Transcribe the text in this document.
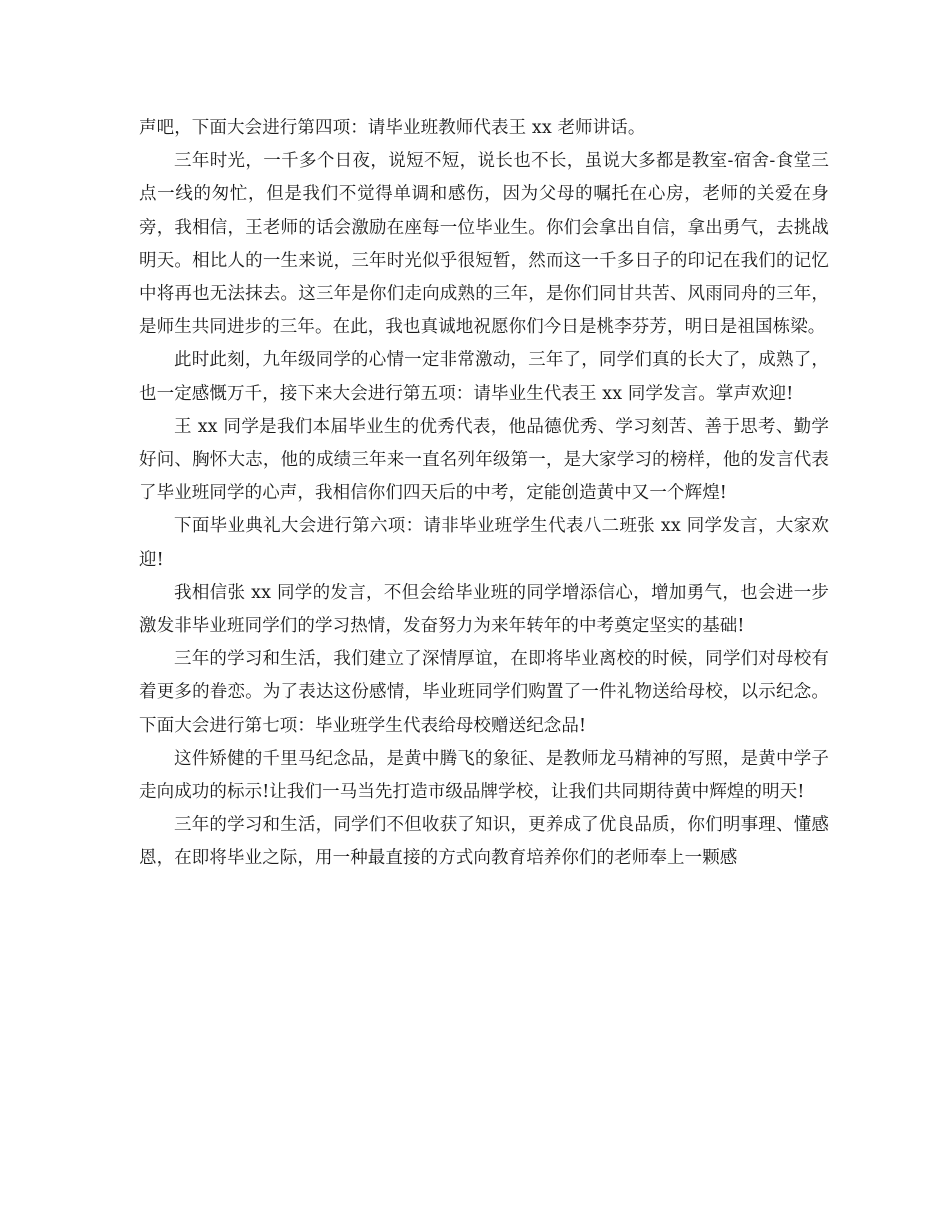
声吧，下面大会进行第四项：请毕业班教师代表王 xx 老师讲话。

三年时光，一千多个日夜，说短不短，说长也不长，虽说大多都是教室-宿舍-食堂三点一线的匆忙，但是我们不觉得单调和感伤，因为父母的嘱托在心房，老师的关爱在身旁，我相信，王老师的话会激励在座每一位毕业生。你们会拿出自信，拿出勇气，去挑战明天。相比人的一生来说，三年时光似乎很短暂，然而这一千多日子的印记在我们的记忆中将再也无法抹去。这三年是你们走向成熟的三年，是你们同甘共苦、风雨同舟的三年，是师生共同进步的三年。在此，我也真诚地祝愿你们今日是桃李芬芳，明日是祖国栋梁。

此时此刻，九年级同学的心情一定非常激动，三年了，同学们真的长大了，成熟了，也一定感慨万千，接下来大会进行第五项：请毕业生代表王 xx 同学发言。掌声欢迎!

王 xx 同学是我们本届毕业生的优秀代表，他品德优秀、学习刻苦、善于思考、勤学好问、胸怀大志，他的成绩三年来一直名列年级第一，是大家学习的榜样，他的发言代表了毕业班同学的心声，我相信你们四天后的中考，定能创造黄中又一个辉煌!

下面毕业典礼大会进行第六项：请非毕业班学生代表八二班张 xx 同学发言，大家欢迎!

我相信张 xx 同学的发言，不但会给毕业班的同学增添信心，增加勇气，也会进一步激发非毕业班同学们的学习热情，发奋努力为来年转年的中考奠定坚实的基础!

三年的学习和生活，我们建立了深情厚谊，在即将毕业离校的时候，同学们对母校有着更多的眷恋。为了表达这份感情，毕业班同学们购置了一件礼物送给母校，以示纪念。下面大会进行第七项：毕业班学生代表给母校赠送纪念品!

这件矫健的千里马纪念品，是黄中腾飞的象征、是教师龙马精神的写照，是黄中学子走向成功的标示!让我们一马当先打造市级品牌学校，让我们共同期待黄中辉煌的明天!

三年的学习和生活，同学们不但收获了知识，更养成了优良品质，你们明事理、懂感恩，在即将毕业之际，用一种最直接的方式向教育培养你们的老师奉上一颗感
